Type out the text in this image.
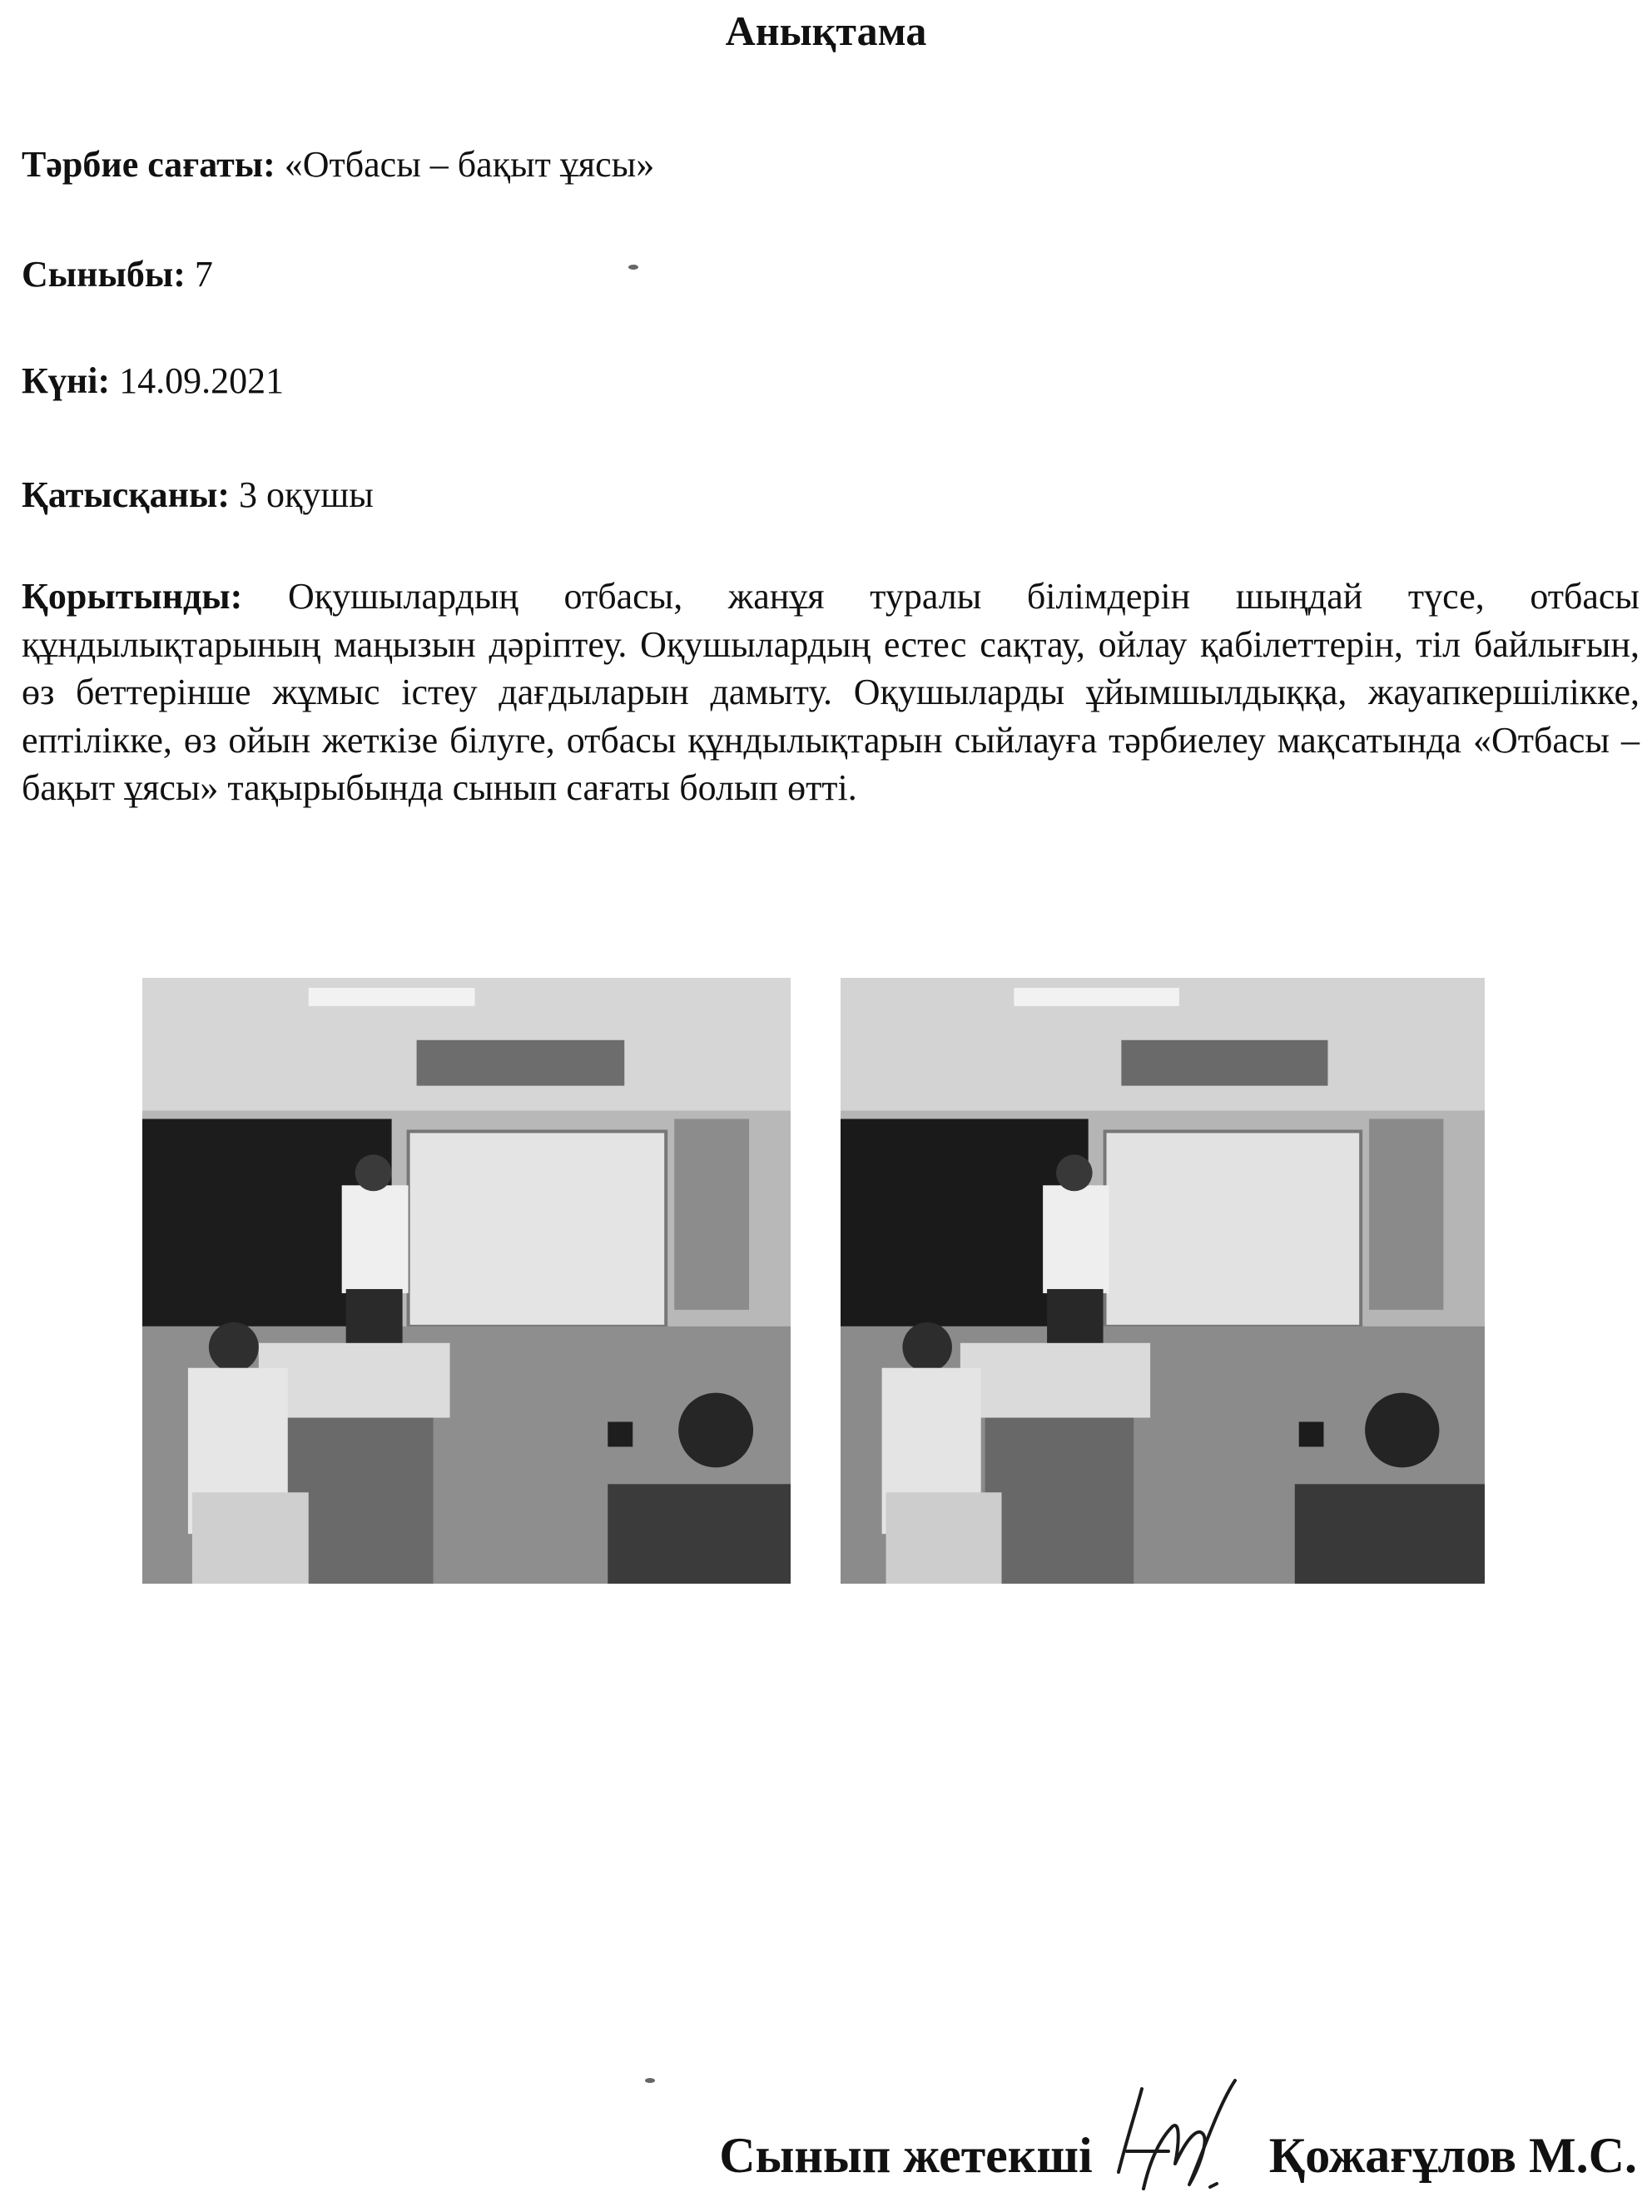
Анықтама
Тәрбие сағаты: «Отбасы – бақыт ұясы»
Сыныбы: 7
Күні: 14.09.2021
Қатысқаны: 3 оқушы
Қорытынды: Оқушылардың отбасы, жанұя туралы білімдерін шыңдай түсе, отбасы құндылықтарының маңызын дәріптеу. Оқушылардың естес сақтау, ойлау қабілеттерін, тіл байлығын, өз беттерінше жұмыс істеу дағдыларын дамыту. Оқушыларды ұйымшылдыққа, жауапкершілікке, ептілікке, өз ойын жеткізе білуге, отбасы құндылықтарын сыйлауға тәрбиелеу мақсатында «Отбасы – бақыт ұясы» тақырыбында сынып сағаты болып өтті.
Сынып жетекші	Қожағұлов М.С.
